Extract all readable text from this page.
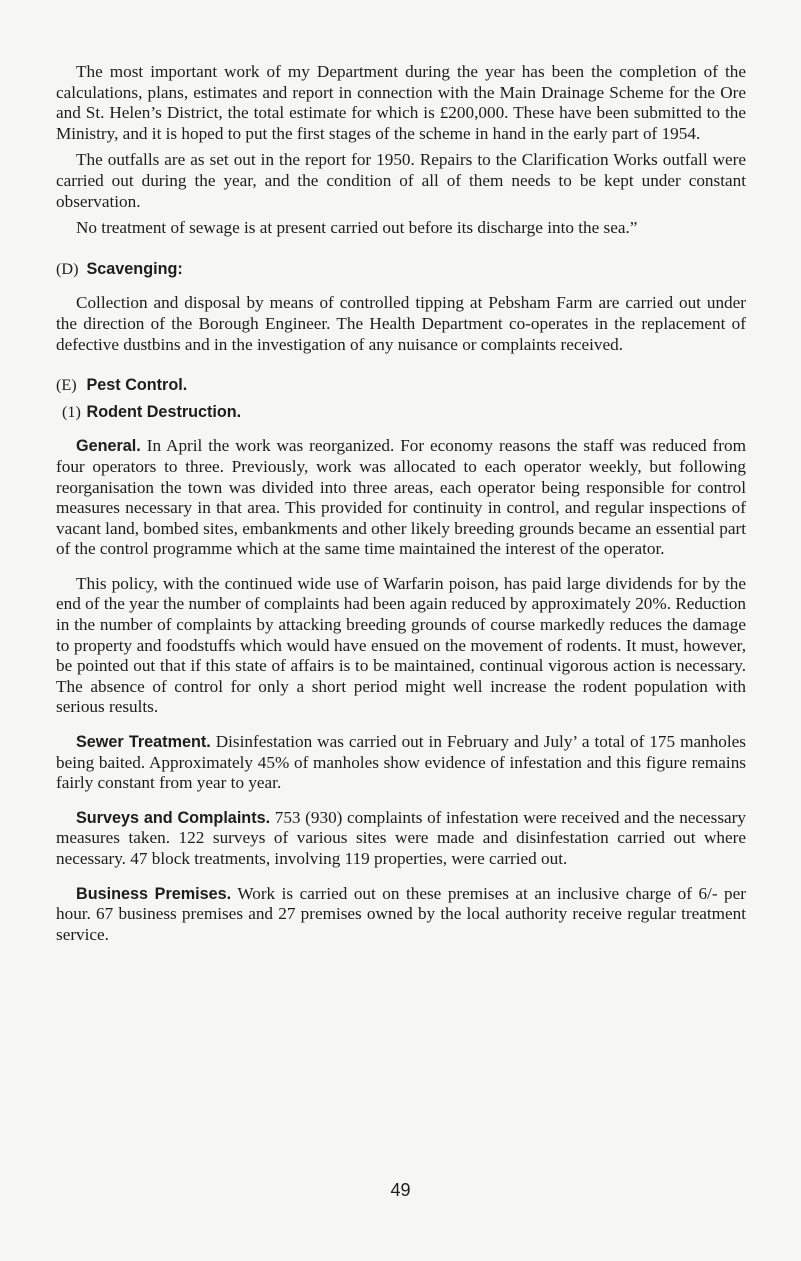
The most important work of my Department during the year has been the completion of the calculations, plans, estimates and report in connection with the Main Drainage Scheme for the Ore and St. Helen’s District, the total estimate for which is £200,000. These have been submitted to the Ministry, and it is hoped to put the first stages of the scheme in hand in the early part of 1954.

The outfalls are as set out in the report for 1950. Repairs to the Clarification Works outfall were carried out during the year, and the condition of all of them needs to be kept under constant observation.

No treatment of sewage is at present carried out before its discharge into the sea.”

(D) Scavenging:

Collection and disposal by means of controlled tipping at Pebsham Farm are carried out under the direction of the Borough Engineer. The Health Department co-operates in the replacement of defective dustbins and in the investigation of any nuisance or complaints received.

(E) Pest Control.

(1) Rodent Destruction.

General. In April the work was reorganized. For economy reasons the staff was reduced from four operators to three. Previously, work was allocated to each operator weekly, but following reorganisation the town was divided into three areas, each operator being responsible for control measures necessary in that area. This provided for continuity in control, and regular inspections of vacant land, bombed sites, embankments and other likely breeding grounds became an essential part of the control programme which at the same time maintained the interest of the operator.

This policy, with the continued wide use of Warfarin poison, has paid large dividends for by the end of the year the number of complaints had been again reduced by approximately 20%. Reduction in the number of complaints by attacking breeding grounds of course markedly reduces the damage to property and foodstuffs which would have ensued on the movement of rodents. It must, however, be pointed out that if this state of affairs is to be maintained, continual vigorous action is necessary. The absence of control for only a short period might well increase the rodent population with serious results.

Sewer Treatment. Disinfestation was carried out in February and July’ a total of 175 manholes being baited. Approximately 45% of manholes show evidence of infestation and this figure remains fairly constant from year to year.

Surveys and Complaints. 753 (930) complaints of infestation were received and the necessary measures taken. 122 surveys of various sites were made and disinfestation carried out where necessary. 47 block treatments, involving 119 properties, were carried out.

Business Premises. Work is carried out on these premises at an inclusive charge of 6/- per hour. 67 business premises and 27 premises owned by the local authority receive regular treatment service.

49
